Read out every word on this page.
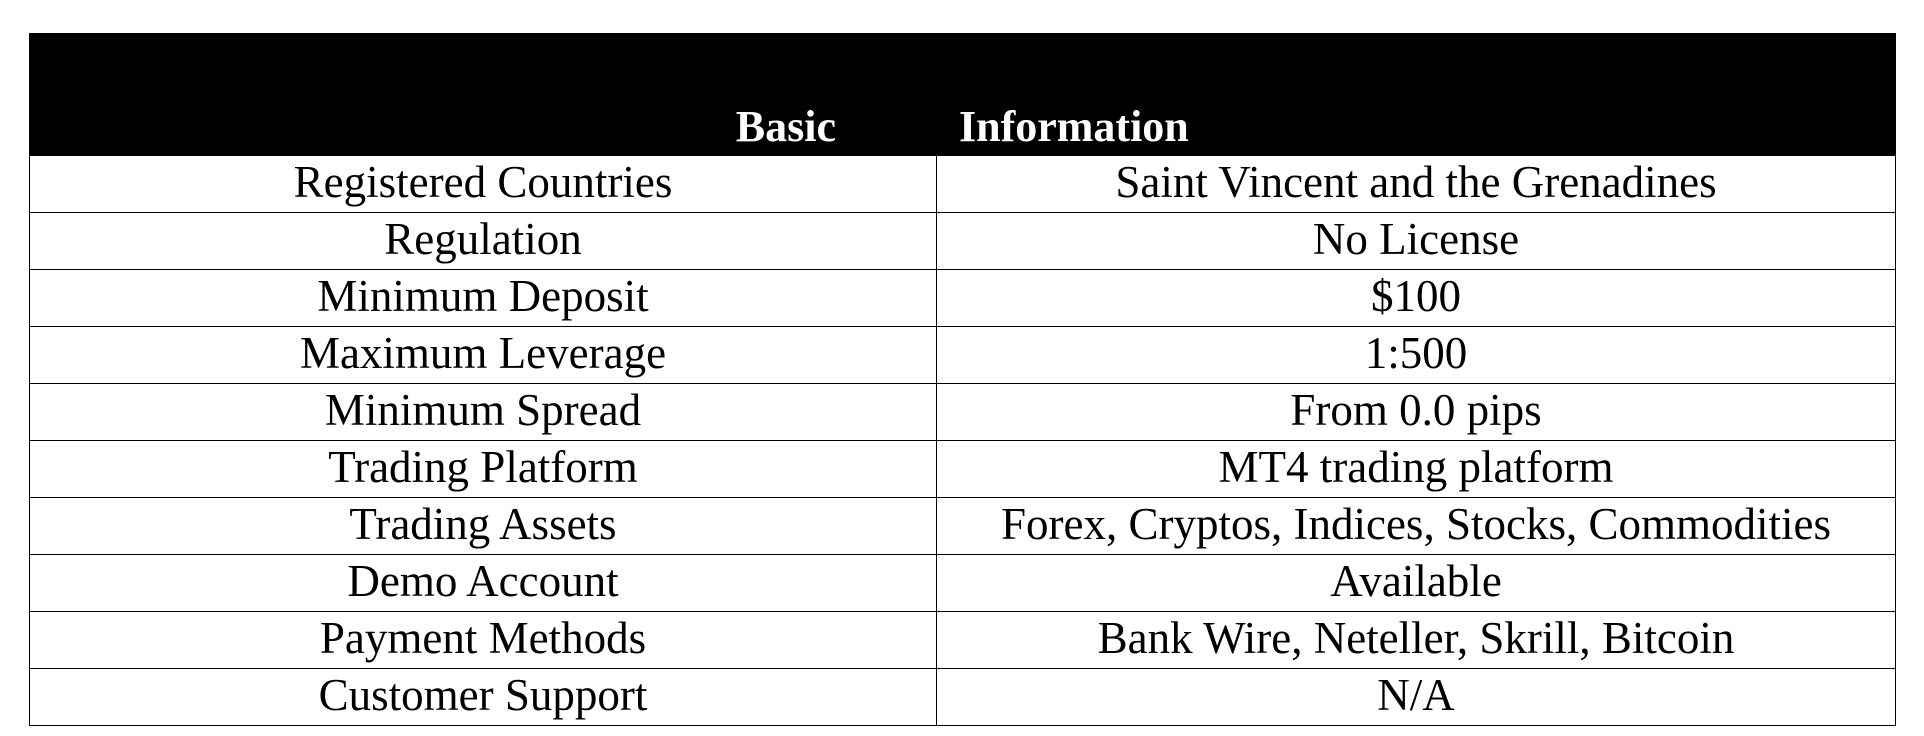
Basic	Information
Registered Countries	Saint Vincent and the Grenadines
Regulation	No License
Minimum Deposit	$100
Maximum Leverage	1:500
Minimum Spread	From 0.0 pips
Trading Platform	MT4 trading platform
Trading Assets	Forex, Cryptos, Indices, Stocks, Commodities
Demo Account	Available
Payment Methods	Bank Wire, Neteller, Skrill, Bitcoin
Customer Support	N/A
